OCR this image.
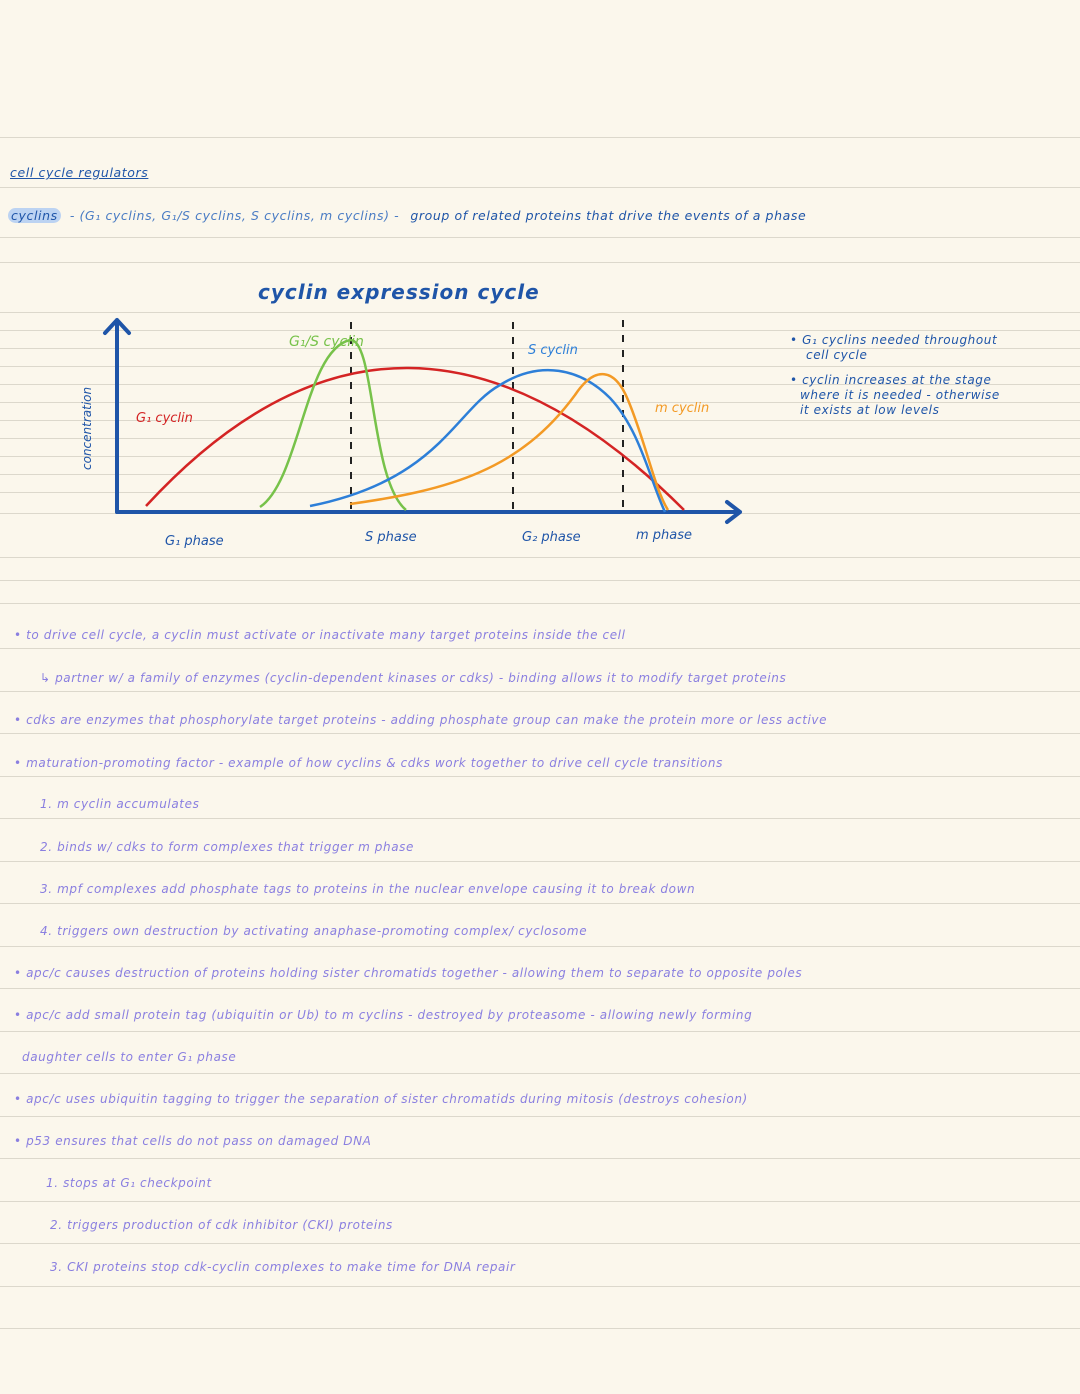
cell cycle regulators
cyclins - (G₁ cyclins, G₁/S cyclins, S cyclins, m cyclins) - group of related proteins that drive the events of a phase
cyclin expression cycle
G₁/S cyclin
S cyclin
m cyclin
G₁ cyclin
concentration
G₁ phase	S phase	G₂ phase	m phase
• G₁ cyclins needed throughout
cell cycle
• cyclin increases at the stage
where it is needed - otherwise
it exists at low levels
• to drive cell cycle, a cyclin must activate or inactivate many target proteins inside the cell
↳ partner w/ a family of enzymes (cyclin-dependent kinases or cdks) - binding allows it to modify target proteins
• cdks are enzymes that phosphorylate target proteins - adding phosphate group can make the protein more or less active
• maturation-promoting factor - example of how cyclins & cdks work together to drive cell cycle transitions
1. m cyclin accumulates
2. binds w/ cdks to form complexes that trigger m phase
3. mpf complexes add phosphate tags to proteins in the nuclear envelope causing it to break down
4. triggers own destruction by activating anaphase-promoting complex/ cyclosome
• apc/c causes destruction of proteins holding sister chromatids together - allowing them to separate to opposite poles
• apc/c add small protein tag (ubiquitin or Ub) to m cyclins - destroyed by proteasome - allowing newly forming
daughter cells to enter G₁ phase
• apc/c uses ubiquitin tagging to trigger the separation of sister chromatids during mitosis (destroys cohesion)
• p53 ensures that cells do not pass on damaged DNA
1. stops at G₁ checkpoint
2. triggers production of cdk inhibitor (CKI) proteins
3. CKI proteins stop cdk-cyclin complexes to make time for DNA repair
